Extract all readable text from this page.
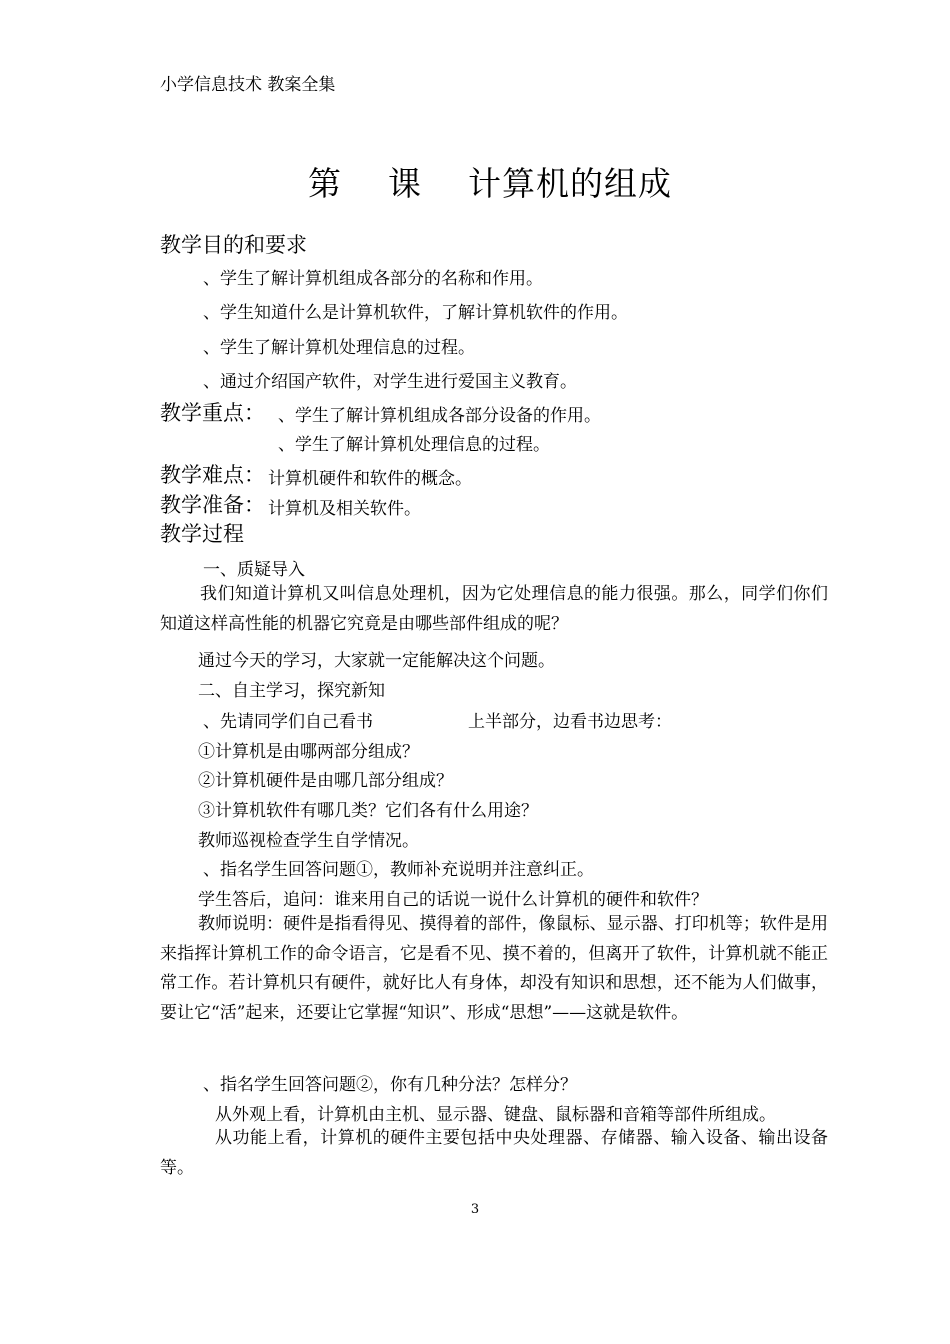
小学信息技术 教案全集
第    课    计算机的组成
教学目的和要求
、学生了解计算机组成各部分的名称和作用。
、学生知道什么是计算机软件，了解计算机软件的作用。
、学生了解计算机处理信息的过程。
、通过介绍国产软件，对学生进行爱国主义教育。
教学重点： 、学生了解计算机组成各部分设备的作用。
、学生了解计算机处理信息的过程。
教学难点： 计算机硬件和软件的概念。
教学准备： 计算机及相关软件。
教学过程
一、质疑导入
我们知道计算机又叫信息处理机，因为它处理信息的能力很强。那么，同学们你们知道这样高性能的机器它究竟是由哪些部件组成的呢？
通过今天的学习，大家就一定能解决这个问题。
二、自主学习，探究新知
、先请同学们自己看书	上半部分，边看书边思考：
①计算机是由哪两部分组成？
②计算机硬件是由哪几部分组成？
③计算机软件有哪几类？它们各有什么用途？
教师巡视检查学生自学情况。
、指名学生回答问题①，教师补充说明并注意纠正。
学生答后，追问：谁来用自己的话说一说什么计算机的硬件和软件？
教师说明：硬件是指看得见、摸得着的部件，像鼠标、显示器、打印机等；软件是用来指挥计算机工作的命令语言，它是看不见、摸不着的，但离开了软件，计算机就不能正常工作。若计算机只有硬件，就好比人有身体，却没有知识和思想，还不能为人们做事，要让它“活”起来，还要让它掌握“知识”、形成“思想”——这就是软件。
、指名学生回答问题②，你有几种分法？怎样分？
从外观上看，计算机由主机、显示器、键盘、鼠标器和音箱等部件所组成。
从功能上看，计算机的硬件主要包括中央处理器、存储器、输入设备、输出设备等。
3
